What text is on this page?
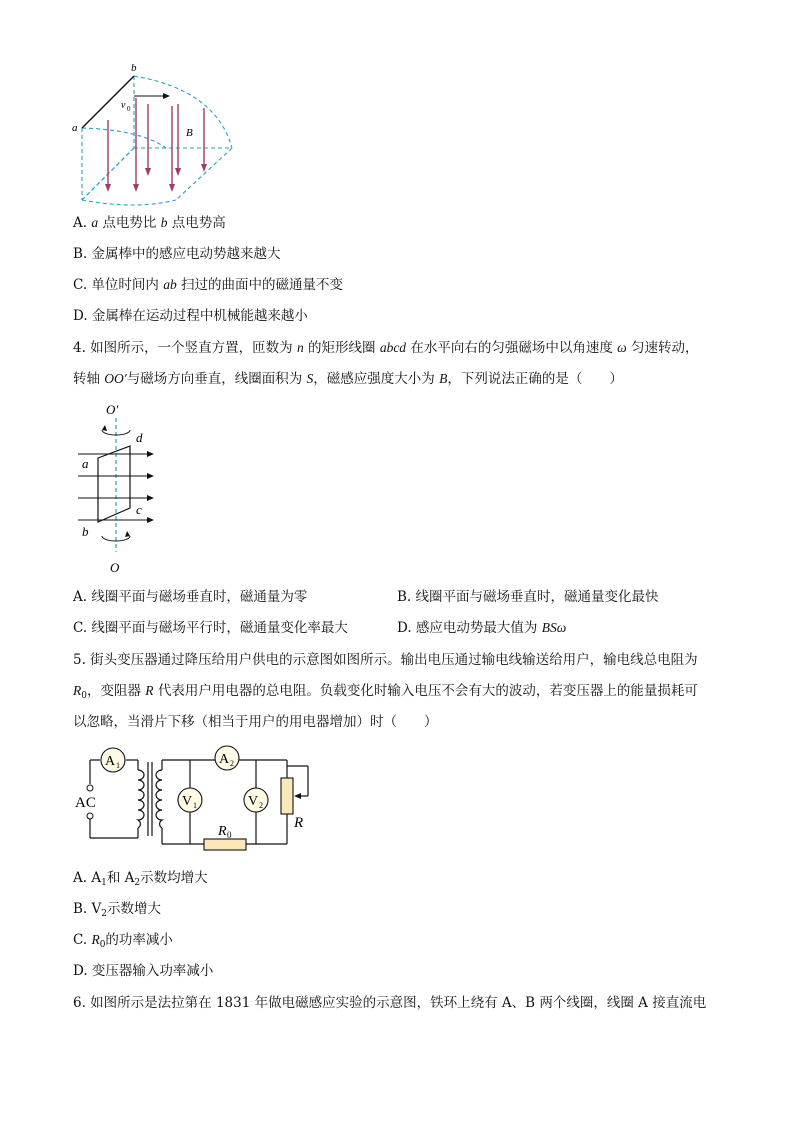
b
a
v 0
B
A. a 点电势比 b 点电势高
B. 金属棒中的感应电动势越来越大
C. 单位时间内 ab 扫过的曲面中的磁通量不变
D. 金属棒在运动过程中机械能越来越小
4. 如图所示，一个竖直方置，匝数为 n 的矩形线圈 abcd 在水平向右的匀强磁场中以角速度 ω 匀速转动，
转轴 OO′与磁场方向垂直，线圈面积为 S，磁感应强度大小为 B，下列说法正确的是（　　）
O′
O
a
b
c
d
A. 线圈平面与磁场垂直时，磁通量为零	B. 线圈平面与磁场垂直时，磁通量变化最快
C. 线圈平面与磁场平行时，磁通量变化率最大	D. 感应电动势最大值为 BSω
5. 街头变压器通过降压给用户供电的示意图如图所示。输出电压通过输电线输送给用户，输电线总电阻为
$R_0$，变阻器 R 代表用户用电器的总电阻。负载变化时输入电压不会有大的波动，若变压器上的能量损耗可
以忽略，当滑片下移（相当于用户的用电器增加）时（　　）
A 1	A 2
V 1	V 2
AC
R 0
R
A. $A_1$和 $A_2$示数均增大
B. $V_2$示数增大
C. $R_0$的功率减小
D. 变压器输入功率减小
6. 如图所示是法拉第在 1831 年做电磁感应实验的示意图，铁环上绕有 A、B 两个线圈，线圈 A 接直流电
